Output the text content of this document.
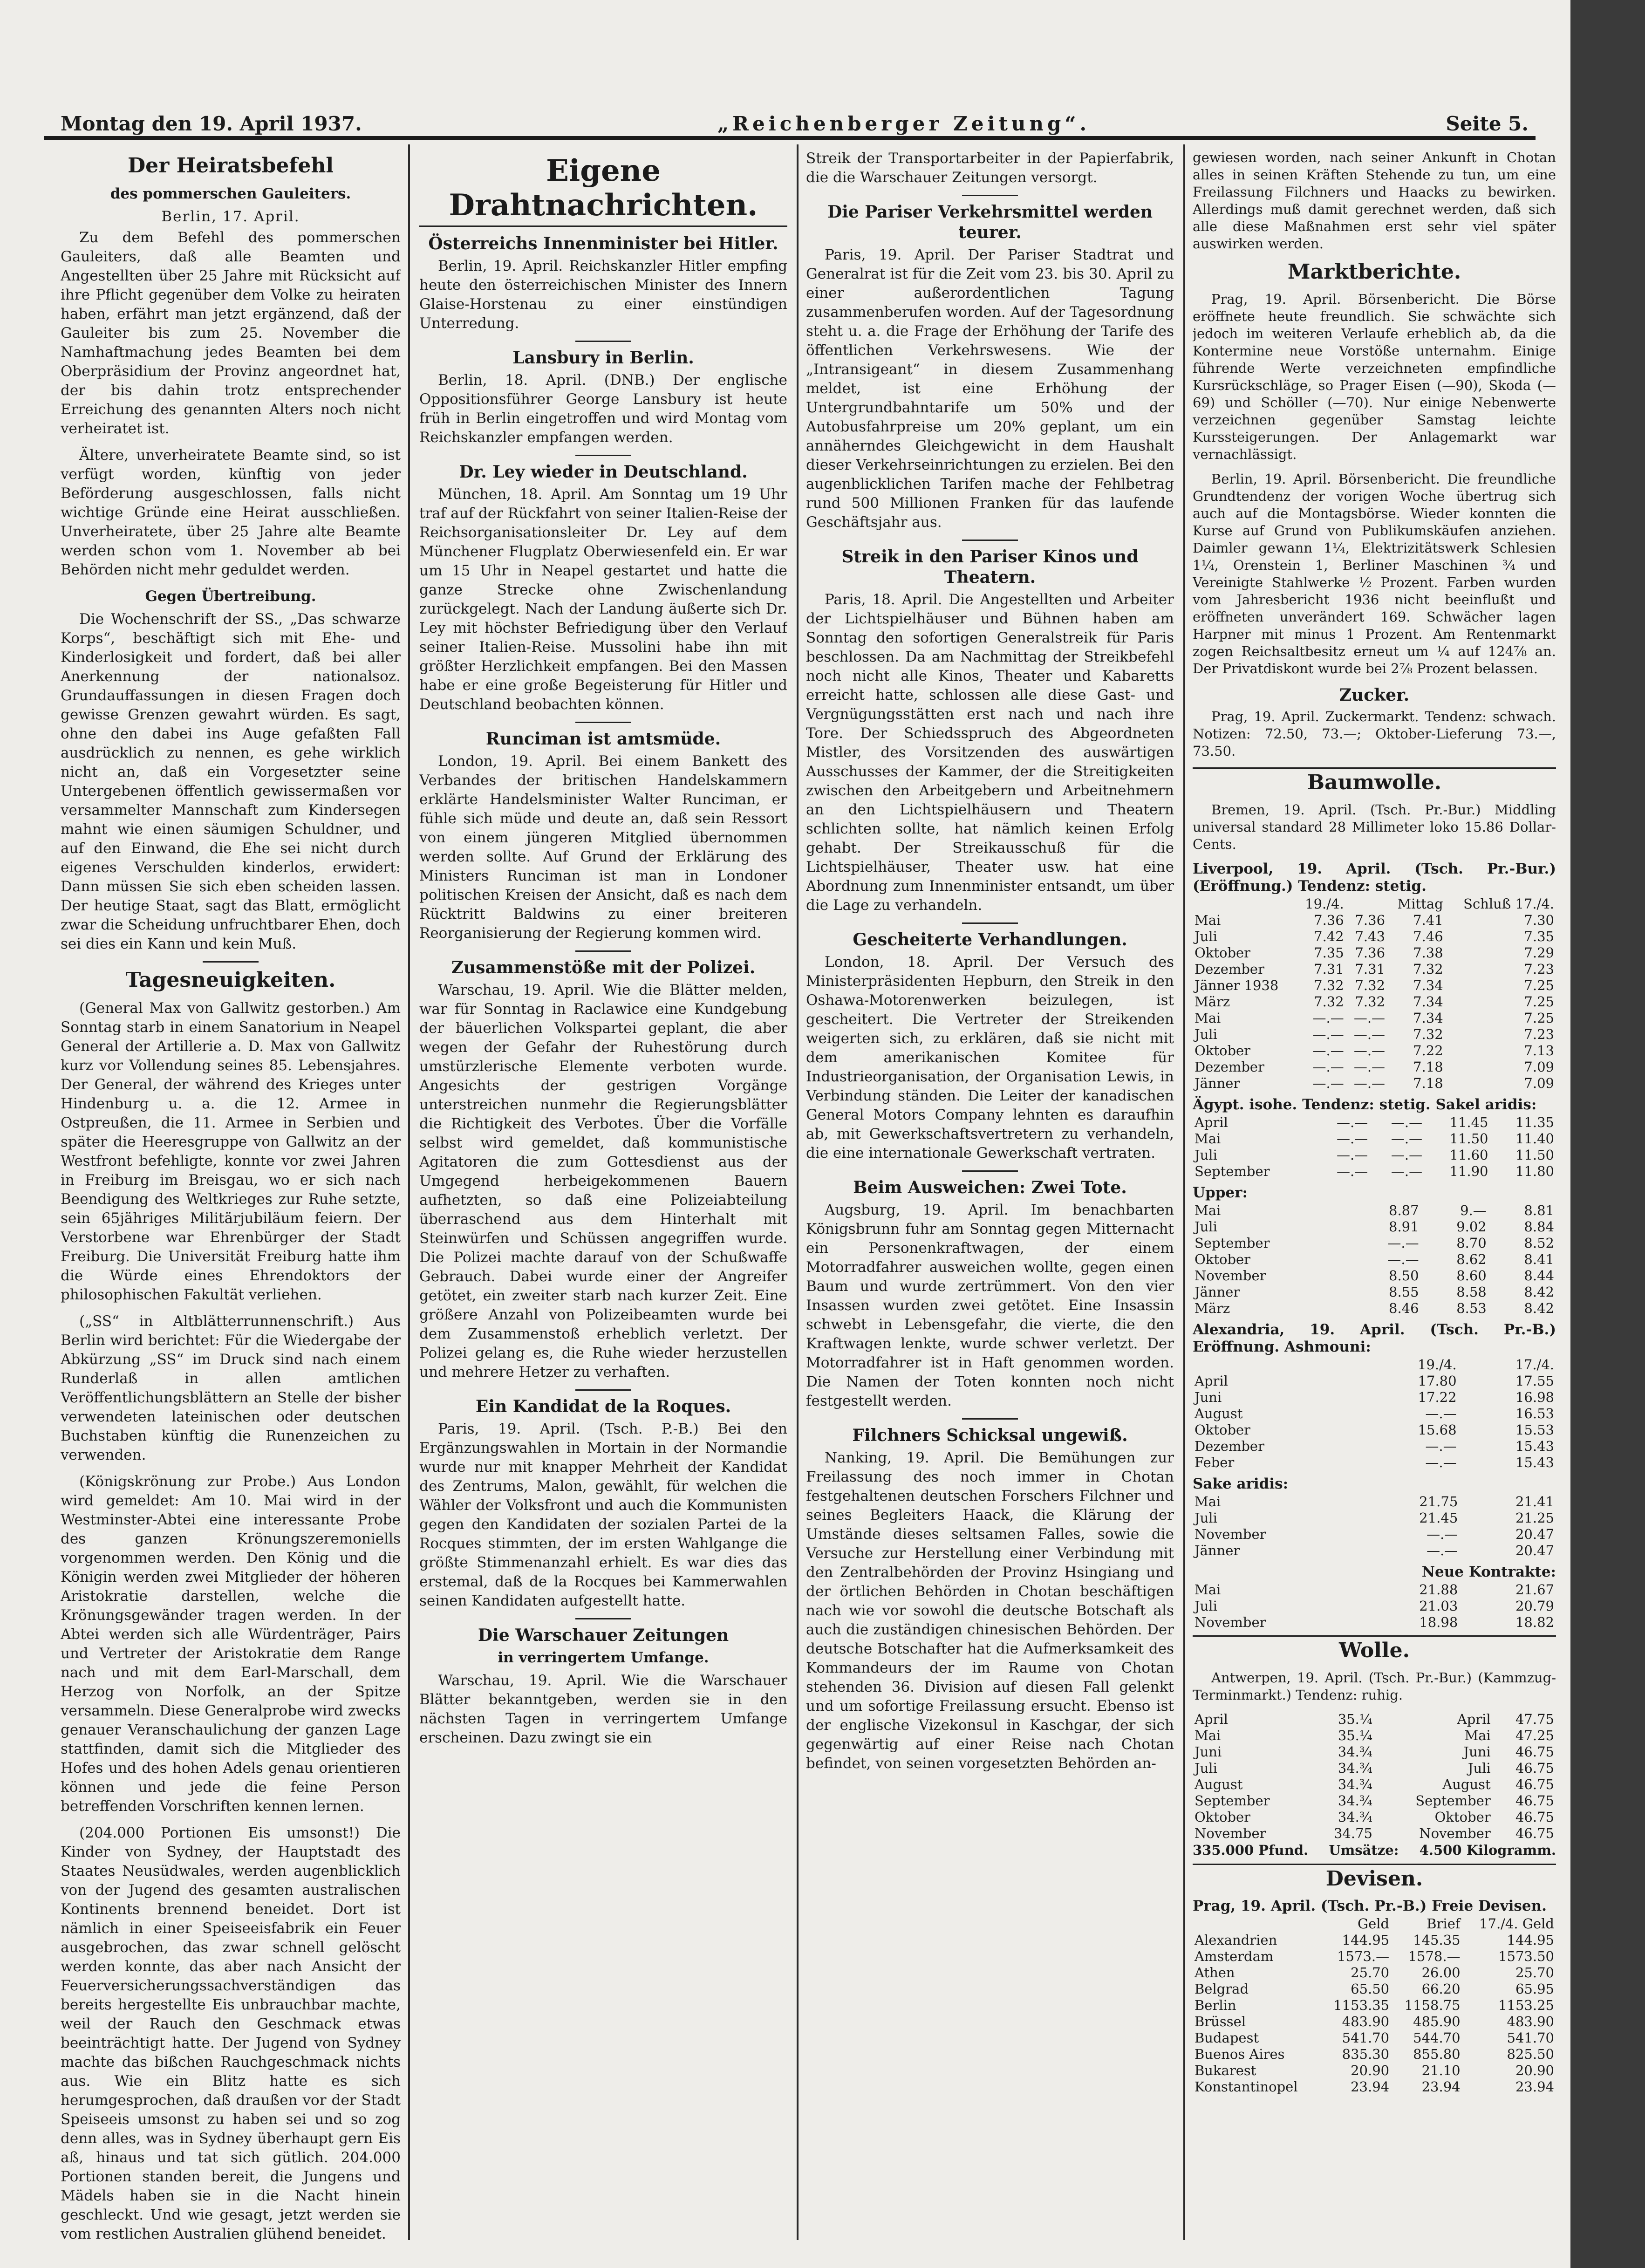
Montag den 19. April 1937.	„Reichenberger Zeitung“.	Seite 5.
Der Heiratsbefehl
des pommerschen Gauleiters.
Berlin, 17. April.

Zu dem Befehl des pommerschen Gauleiters, daß alle Beamten und Angestellten über 25 Jahre mit Rücksicht auf ihre Pflicht gegenüber dem Volke zu heiraten haben, erfährt man jetzt ergänzend, daß der Gauleiter bis zum 25. November die Namhaftmachung jedes Beamten bei dem Oberpräsidium der Provinz angeordnet hat, der bis dahin trotz entsprechender Erreichung des genannten Alters noch nicht verheiratet ist.

Ältere, unverheiratete Beamte sind, so ist verfügt worden, künftig von jeder Beförderung ausgeschlossen, falls nicht wichtige Gründe eine Heirat ausschließen. Unverheiratete, über 25 Jahre alte Beamte werden schon vom 1. November ab bei Behörden nicht mehr geduldet werden.

Gegen Übertreibung.

Die Wochenschrift der SS., „Das schwarze Korps“, beschäftigt sich mit Ehe- und Kinderlosigkeit und fordert, daß bei aller Anerkennung der nationalsoz. Grundauffassungen in diesen Fragen doch gewisse Grenzen gewahrt würden. Es sagt, ohne den dabei ins Auge gefaßten Fall ausdrücklich zu nennen, es gehe wirklich nicht an, daß ein Vorgesetzter seine Untergebenen öffentlich gewissermaßen vor versammelter Mannschaft zum Kindersegen mahnt wie einen säumigen Schuldner, und auf den Einwand, die Ehe sei nicht durch eigenes Verschulden kinderlos, erwidert: Dann müssen Sie sich eben scheiden lassen. Der heutige Staat, sagt das Blatt, ermöglicht zwar die Scheidung unfruchtbarer Ehen, doch sei dies ein Kann und kein Muß.

Tagesneuigkeiten.

(General Max von Gallwitz gestorben.) Am Sonntag starb in einem Sanatorium in Neapel General der Artillerie a. D. Max von Gallwitz kurz vor Vollendung seines 85. Lebensjahres. Der General, der während des Krieges unter Hindenburg u. a. die 12. Armee in Ostpreußen, die 11. Armee in Serbien und später die Heeresgruppe von Gallwitz an der Westfront befehligte, konnte vor zwei Jahren in Freiburg im Breisgau, wo er sich nach Beendigung des Weltkrieges zur Ruhe setzte, sein 65jähriges Militärjubiläum feiern. Der Verstorbene war Ehrenbürger der Stadt Freiburg. Die Universität Freiburg hatte ihm die Würde eines Ehrendoktors der philosophischen Fakultät verliehen.

(„SS“ in Altblätterrunnenschrift.) Aus Berlin wird berichtet: Für die Wiedergabe der Abkürzung „SS“ im Druck sind nach einem Runderlaß in allen amtlichen Veröffentlichungsblättern an Stelle der bisher verwendeten lateinischen oder deutschen Buchstaben künftig die Runenzeichen zu verwenden.

(Königskrönung zur Probe.) Aus London wird gemeldet: Am 10. Mai wird in der Westminster-Abtei eine interessante Probe des ganzen Krönungszeremoniells vorgenommen werden. Den König und die Königin werden zwei Mitglieder der höheren Aristokratie darstellen, welche die Krönungsgewänder tragen werden. In der Abtei werden sich alle Würdenträger, Pairs und Vertreter der Aristokratie dem Range nach und mit dem Earl-Marschall, dem Herzog von Norfolk, an der Spitze versammeln. Diese Generalprobe wird zwecks genauer Veranschaulichung der ganzen Lage stattfinden, damit sich die Mitglieder des Hofes und des hohen Adels genau orientieren können und jede die feine Person betreffenden Vorschriften kennen lernen.

(204.000 Portionen Eis umsonst!) Die Kinder von Sydney, der Hauptstadt des Staates Neusüdwales, werden augenblicklich von der Jugend des gesamten australischen Kontinents brennend beneidet. Dort ist nämlich in einer Speiseeisfabrik ein Feuer ausgebrochen, das zwar schnell gelöscht werden konnte, das aber nach Ansicht der Feuerversicherungssachverständigen das bereits hergestellte Eis unbrauchbar machte, weil der Rauch den Geschmack etwas beeinträchtigt hatte. Der Jugend von Sydney machte das bißchen Rauchgeschmack nichts aus. Wie ein Blitz hatte es sich herumgesprochen, daß draußen vor der Stadt Speiseeis umsonst zu haben sei und so zog denn alles, was in Sydney überhaupt gern Eis aß, hinaus und tat sich gütlich. 204.000 Portionen standen bereit, die Jungens und Mädels haben sie in die Nacht hinein geschleckt. Und wie gesagt, jetzt werden sie vom restlichen Australien glühend beneidet.

Eigene Drahtnachrichten.
Österreichs Innenminister bei Hitler.

Berlin, 19. April. Reichskanzler Hitler empfing heute den österreichischen Minister des Innern Glaise-Horstenau zu einer einstündigen Unterredung.

Lansbury in Berlin.

Berlin, 18. April. (DNB.) Der englische Oppositionsführer George Lansbury ist heute früh in Berlin eingetroffen und wird Montag vom Reichskanzler empfangen werden.

Dr. Ley wieder in Deutschland.

München, 18. April. Am Sonntag um 19 Uhr traf auf der Rückfahrt von seiner Italien-Reise der Reichsorganisationsleiter Dr. Ley auf dem Münchener Flugplatz Oberwiesenfeld ein. Er war um 15 Uhr in Neapel gestartet und hatte die ganze Strecke ohne Zwischenlandung zurückgelegt. Nach der Landung äußerte sich Dr. Ley mit höchster Befriedigung über den Verlauf seiner Italien-Reise. Mussolini habe ihn mit größter Herzlichkeit empfangen. Bei den Massen habe er eine große Begeisterung für Hitler und Deutschland beobachten können.

Runciman ist amtsmüde.

London, 19. April. Bei einem Bankett des Verbandes der britischen Handelskammern erklärte Handelsminister Walter Runciman, er fühle sich müde und deute an, daß sein Ressort von einem jüngeren Mitglied übernommen werden sollte. Auf Grund der Erklärung des Ministers Runciman ist man in Londoner politischen Kreisen der Ansicht, daß es nach dem Rücktritt Baldwins zu einer breiteren Reorganisierung der Regierung kommen wird.

Zusammenstöße mit der Polizei.

Warschau, 19. April. Wie die Blätter melden, war für Sonntag in Raclawice eine Kundgebung der bäuerlichen Volkspartei geplant, die aber wegen der Gefahr der Ruhestörung durch umstürzlerische Elemente verboten wurde. Angesichts der gestrigen Vorgänge unterstreichen nunmehr die Regierungsblätter die Richtigkeit des Verbotes. Über die Vorfälle selbst wird gemeldet, daß kommunistische Agitatoren die zum Gottesdienst aus der Umgegend herbeigekommenen Bauern aufhetzten, so daß eine Polizeiabteilung überraschend aus dem Hinterhalt mit Steinwürfen und Schüssen angegriffen wurde. Die Polizei machte darauf von der Schußwaffe Gebrauch. Dabei wurde einer der Angreifer getötet, ein zweiter starb nach kurzer Zeit. Eine größere Anzahl von Polizeibeamten wurde bei dem Zusammenstoß erheblich verletzt. Der Polizei gelang es, die Ruhe wieder herzustellen und mehrere Hetzer zu verhaften.

Ein Kandidat de la Roques.

Paris, 19. April. (Tsch. P.-B.) Bei den Ergänzungswahlen in Mortain in der Normandie wurde nur mit knapper Mehrheit der Kandidat des Zentrums, Malon, gewählt, für welchen die Wähler der Volksfront und auch die Kommunisten gegen den Kandidaten der sozialen Partei de la Rocques stimmten, der im ersten Wahlgange die größte Stimmenanzahl erhielt. Es war dies das erstemal, daß de la Rocques bei Kammerwahlen seinen Kandidaten aufgestellt hatte.

Die Warschauer Zeitungen
in verringertem Umfange.

Warschau, 19. April. Wie die Warschauer Blätter bekanntgeben, werden sie in den nächsten Tagen in verringertem Umfange erscheinen. Dazu zwingt sie ein

Streik der Transportarbeiter in der Papierfabrik, die die Warschauer Zeitungen versorgt.

Die Pariser Verkehrsmittel werden teurer.

Paris, 19. April. Der Pariser Stadtrat und Generalrat ist für die Zeit vom 23. bis 30. April zu einer außerordentlichen Tagung zusammenberufen worden. Auf der Tagesordnung steht u. a. die Frage der Erhöhung der Tarife des öffentlichen Verkehrswesens. Wie der „Intransigeant“ in diesem Zusammenhang meldet, ist eine Erhöhung der Untergrundbahntarife um 50% und der Autobusfahrpreise um 20% geplant, um ein annäherndes Gleichgewicht in dem Haushalt dieser Verkehrseinrichtungen zu erzielen. Bei den augenblicklichen Tarifen mache der Fehlbetrag rund 500 Millionen Franken für das laufende Geschäftsjahr aus.

Streik in den Pariser Kinos und Theatern.

Paris, 18. April. Die Angestellten und Arbeiter der Lichtspielhäuser und Bühnen haben am Sonntag den sofortigen Generalstreik für Paris beschlossen. Da am Nachmittag der Streikbefehl noch nicht alle Kinos, Theater und Kabaretts erreicht hatte, schlossen alle diese Gast- und Vergnügungsstätten erst nach und nach ihre Tore. Der Schiedsspruch des Abgeordneten Mistler, des Vorsitzenden des auswärtigen Ausschusses der Kammer, der die Streitigkeiten zwischen den Arbeitgebern und Arbeitnehmern an den Lichtspielhäusern und Theatern schlichten sollte, hat nämlich keinen Erfolg gehabt. Der Streikausschuß für die Lichtspielhäuser, Theater usw. hat eine Abordnung zum Innenminister entsandt, um über die Lage zu verhandeln.

Gescheiterte Verhandlungen.

London, 18. April. Der Versuch des Ministerpräsidenten Hepburn, den Streik in den Oshawa-Motorenwerken beizulegen, ist gescheitert. Die Vertreter der Streikenden weigerten sich, zu erklären, daß sie nicht mit dem amerikanischen Komitee für Industrieorganisation, der Organisation Lewis, in Verbindung ständen. Die Leiter der kanadischen General Motors Company lehnten es daraufhin ab, mit Gewerkschaftsvertretern zu verhandeln, die eine internationale Gewerkschaft vertraten.

Beim Ausweichen: Zwei Tote.

Augsburg, 19. April. Im benachbarten Königsbrunn fuhr am Sonntag gegen Mitternacht ein Personenkraftwagen, der einem Motorradfahrer ausweichen wollte, gegen einen Baum und wurde zertrümmert. Von den vier Insassen wurden zwei getötet. Eine Insassin schwebt in Lebensgefahr, die vierte, die den Kraftwagen lenkte, wurde schwer verletzt. Der Motorradfahrer ist in Haft genommen worden. Die Namen der Toten konnten noch nicht festgestellt werden.

Filchners Schicksal ungewiß.

Nanking, 19. April. Die Bemühungen zur Freilassung des noch immer in Chotan festgehaltenen deutschen Forschers Filchner und seines Begleiters Haack, die Klärung der Umstände dieses seltsamen Falles, sowie die Versuche zur Herstellung einer Verbindung mit den Zentralbehörden der Provinz Hsingiang und der örtlichen Behörden in Chotan beschäftigen nach wie vor sowohl die deutsche Botschaft als auch die zuständigen chinesischen Behörden. Der deutsche Botschafter hat die Aufmerksamkeit des Kommandeurs der im Raume von Chotan stehenden 36. Division auf diesen Fall gelenkt und um sofortige Freilassung ersucht. Ebenso ist der englische Vizekonsul in Kaschgar, der sich gegenwärtig auf einer Reise nach Chotan befindet, von seinen vorgesetzten Behörden an-

gewiesen worden, nach seiner Ankunft in Chotan alles in seinen Kräften Stehende zu tun, um eine Freilassung Filchners und Haacks zu bewirken. Allerdings muß damit gerechnet werden, daß sich alle diese Maßnahmen erst sehr viel später auswirken werden.

Marktberichte.

Prag, 19. April. Börsenbericht. Die Börse eröffnete heute freundlich. Sie schwächte sich jedoch im weiteren Verlaufe erheblich ab, da die Kontermine neue Vorstöße unternahm. Einige führende Werte verzeichneten empfindliche Kursrückschläge, so Prager Eisen (—90), Skoda (—69) und Schöller (—70). Nur einige Nebenwerte verzeichnen gegenüber Samstag leichte Kurssteigerungen. Der Anlagemarkt war vernachlässigt.

Berlin, 19. April. Börsenbericht. Die freundliche Grundtendenz der vorigen Woche übertrug sich auch auf die Montagsbörse. Wieder konnten die Kurse auf Grund von Publikumskäufen anziehen. Daimler gewann 1¼, Elektrizitätswerk Schlesien 1¼, Orenstein 1, Berliner Maschinen ¾ und Vereinigte Stahlwerke ½ Prozent. Farben wurden vom Jahresbericht 1936 nicht beeinflußt und eröffneten unverändert 169. Schwächer lagen Harpner mit minus 1 Prozent. Am Rentenmarkt zogen Reichsaltbesitz erneut um ¼ auf 124⅞ an. Der Privatdiskont wurde bei 2⅞ Prozent belassen.

Zucker.

Prag, 19. April. Zuckermarkt. Tendenz: schwach. Notizen: 72.50, 73.—; Oktober-Lieferung 73.—, 73.50.

Baumwolle.

Bremen, 19. April. (Tsch. Pr.-Bur.) Middling universal standard 28 Millimeter loko 15.86 Dollar-Cents.

Liverpool, 19. April. (Tsch. Pr.-Bur.) (Eröffnung.) Tendenz: stetig.
	19./4.		Mittag	Schluß 17./4.
Mai	7.36	7.36	7.41	7.30
Juli	7.42	7.43	7.46	7.35
Oktober	7.35	7.36	7.38	7.29
Dezember	7.31	7.31	7.32	7.23
Jänner 1938	7.32	7.32	7.34	7.25
März	7.32	7.32	7.34	7.25
Mai	—.—	—.—	7.34	7.25
Juli	—.—	—.—	7.32	7.23
Oktober	—.—	—.—	7.22	7.13
Dezember	—.—	—.—	7.18	7.09
Jänner	—.—	—.—	7.18	7.09
Ägypt. isohe. Tendenz: stetig. Sakel aridis:
April	—.—	—.—	11.45	11.35
Mai	—.—	—.—	11.50	11.40
Juli	—.—	—.—	11.60	11.50
September	—.—	—.—	11.90	11.80
Upper:
Mai	8.87	9.—	8.81
Juli	8.91	9.02	8.84
September	—.—	8.70	8.52
Oktober	—.—	8.62	8.41
November	8.50	8.60	8.44
Jänner	8.55	8.58	8.42
März	8.46	8.53	8.42
Alexandria, 19. April. (Tsch. Pr.-B.) Eröffnung. Ashmouni:
	19./4.	17./4.
April	17.80	17.55
Juni	17.22	16.98
August	—.—	16.53
Oktober	15.68	15.53
Dezember	—.—	15.43
Feber	—.—	15.43
Sake aridis:
Mai	21.75	21.41
Juli	21.45	21.25
November	—.—	20.47
Jänner	—.—	20.47
Neue Kontrakte:
Mai	21.88	21.67
Juli	21.03	20.79
November	18.98	18.82
Wolle.

Antwerpen, 19. April. (Tsch. Pr.-Bur.) (Kammzug-Terminmarkt.) Tendenz: ruhig.

April	35.¼	April	47.75
Mai	35.¼	Mai	47.25
Juni	34.¾	Juni	46.75
Juli	34.¾	Juli	46.75
August	34.¾	August	46.75
September	34.¾	September	46.75
Oktober	34.¾	Oktober	46.75
November	34.75	November	46.75
335.000 Pfund. Umsätze: 4.500 Kilogramm.
Devisen.
Prag, 19. April. (Tsch. Pr.-B.) Freie Devisen.
	Geld	Brief	17./4. Geld
Alexandrien	144.95	145.35	144.95
Amsterdam	1573.—	1578.—	1573.50
Athen	25.70	26.00	25.70
Belgrad	65.50	66.20	65.95
Berlin	1153.35	1158.75	1153.25
Brüssel	483.90	485.90	483.90
Budapest	541.70	544.70	541.70
Buenos Aires	835.30	855.80	825.50
Bukarest	20.90	21.10	20.90
Konstantinopel	23.94	23.94	23.94
